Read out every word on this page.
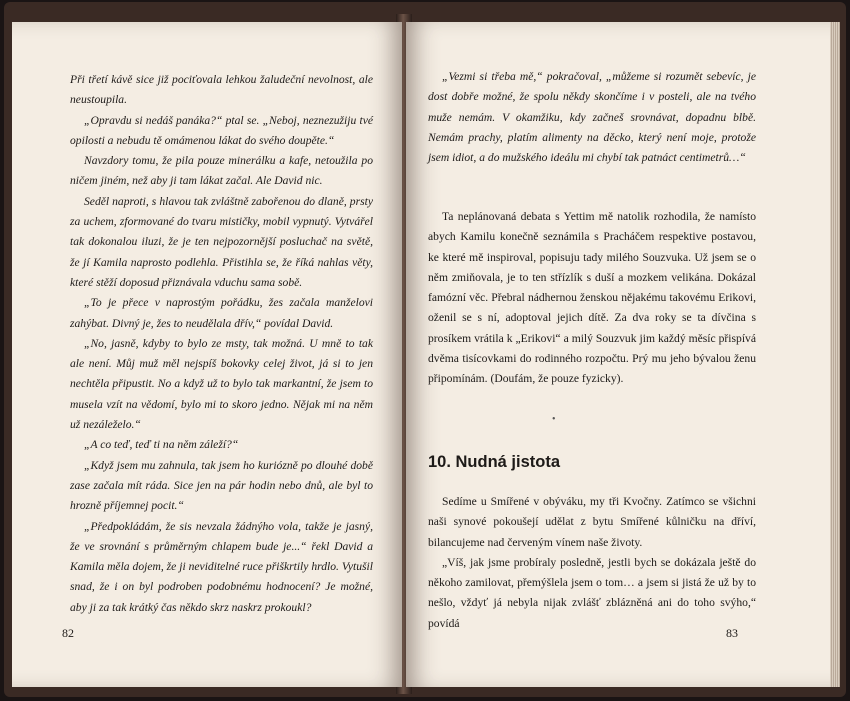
Při třetí kávě sice již pociťovala lehkou žaludeční nevolnost, ale neustoupila.

„Opravdu si nedáš panáka?“ ptal se. „Neboj, neznezužiju tvé opilosti a nebudu tě omámenou lákat do svého doupěte.“

Navzdory tomu, že pila pouze minerálku a kafe, netoužila po ničem jiném, než aby ji tam lákat začal. Ale David nic.

Seděl naproti, s hlavou tak zvláštně zabořenou do dlaně, prsty za uchem, zformované do tvaru mističky, mobil vypnutý. Vytvářel tak dokonalou iluzi, že je ten nejpozornější posluchač na světě, že jí Kamila naprosto podlehla. Přistihla se, že říká nahlas věty, které stěží doposud přiznávala vduchu sama sobě.

„To je přece v naprostým pořádku, žes začala manželovi zahýbat. Divný je, žes to neudělala dřív,“ povídal David.

„No, jasně, kdyby to bylo ze msty, tak možná. U mně to tak ale není. Můj muž měl nejspíš bokovky celej život, já si to jen nechtěla připustit. No a když už to bylo tak markantní, že jsem to musela vzít na vědomí, bylo mi to skoro jedno. Nějak mi na něm už nezáleželo.“

„A co teď, teď ti na něm záleží?“

„Když jsem mu zahnula, tak jsem ho kuriózně po dlouhé době zase začala mít ráda. Sice jen na pár hodin nebo dnů, ale byl to hrozně příjemnej pocit.“

„Předpokládám, že sis nevzala žádnýho vola, takže je jasný, že ve srovnání s průměrným chlapem bude je...“ řekl David a Kamila měla dojem, že ji neviditelné ruce přiškrtily hrdlo. Vytušil snad, že i on byl podroben podobnému hodnocení? Je možné, aby ji za tak krátký čas někdo skrz naskrz prokoukl?

82

„Vezmi si třeba mě,“ pokračoval, „můžeme si rozumět sebevíc, je dost dobře možné, že spolu někdy skončíme i v posteli, ale na tvého muže nemám. V okamžiku, kdy začneš srovnávat, dopadnu blbě. Nemám prachy, platím alimenty na děcko, který není moje, protože jsem idiot, a do mužského ideálu mi chybí tak patnáct centimetrů…“

Ta neplánovaná debata s Yettim mě natolik rozhodila, že namísto abych Kamilu konečně seznámila s Pracháčem respektive postavou, ke které mě inspiroval, popisuju tady milého Souzvuka. Už jsem se o něm zmiňovala, je to ten střízlík s duší a mozkem velikána. Dokázal famózní věc. Přebral nádhernou ženskou nějakému takovému Erikovi, oženil se s ní, adoptoval jejich dítě. Za dva roky se ta dívčina s prosíkem vrátila k „Erikovi“ a milý Souzvuk jim každý měsíc přispívá dvěma tisícovkami do rodinného rozpočtu. Prý mu jeho bývalou ženu připomínám. (Doufám, že pouze fyzicky).

•
10. Nudná jistota

Sedíme u Smířené v obýváku, my tři Kvočny. Zatímco se všichni naši synové pokoušejí udělat z bytu Smířené kůlničku na dříví, bilancujeme nad červeným vínem naše životy.

„Víš, jak jsme probíraly posledně, jestli bych se dokázala ještě do někoho zamilovat, přemýšlela jsem o tom… a jsem si jistá že už by to nešlo, vždyť já nebyla nijak zvlášť zblázněná ani do toho svýho,“ povídá

83
